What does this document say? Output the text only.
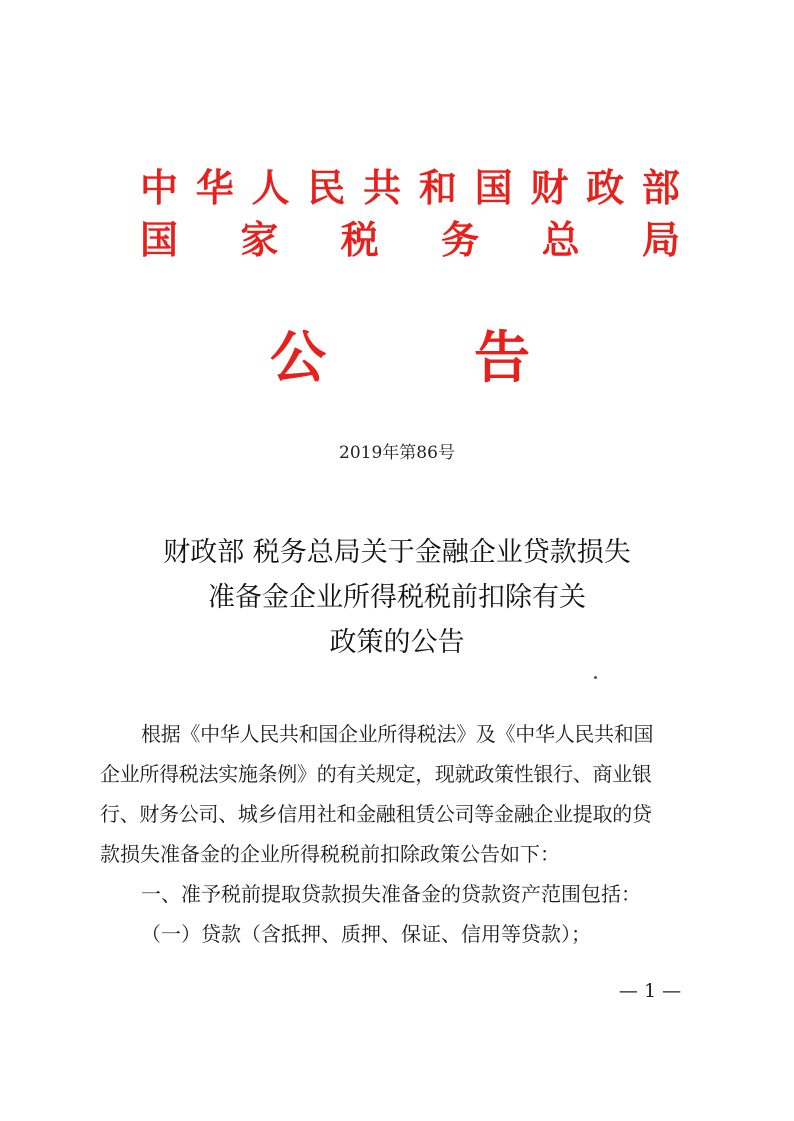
中 华 人 民 共 和 国 财 政 部
国 家 税 务 总 局
公	告
2019年第86号
财政部 税务总局关于金融企业贷款损失
准备金企业所得税税前扣除有关
政策的公告

根据《中华人民共和国企业所得税法》及《中华人民共和国

企业所得税法实施条例》的有关规定，现就政策性银行、商业银

行、财务公司、城乡信用社和金融租赁公司等金融企业提取的贷

款损失准备金的企业所得税税前扣除政策公告如下：

一、准予税前提取贷款损失准备金的贷款资产范围包括：

（一）贷款（含抵押、质押、保证、信用等贷款）；

— 1 —
